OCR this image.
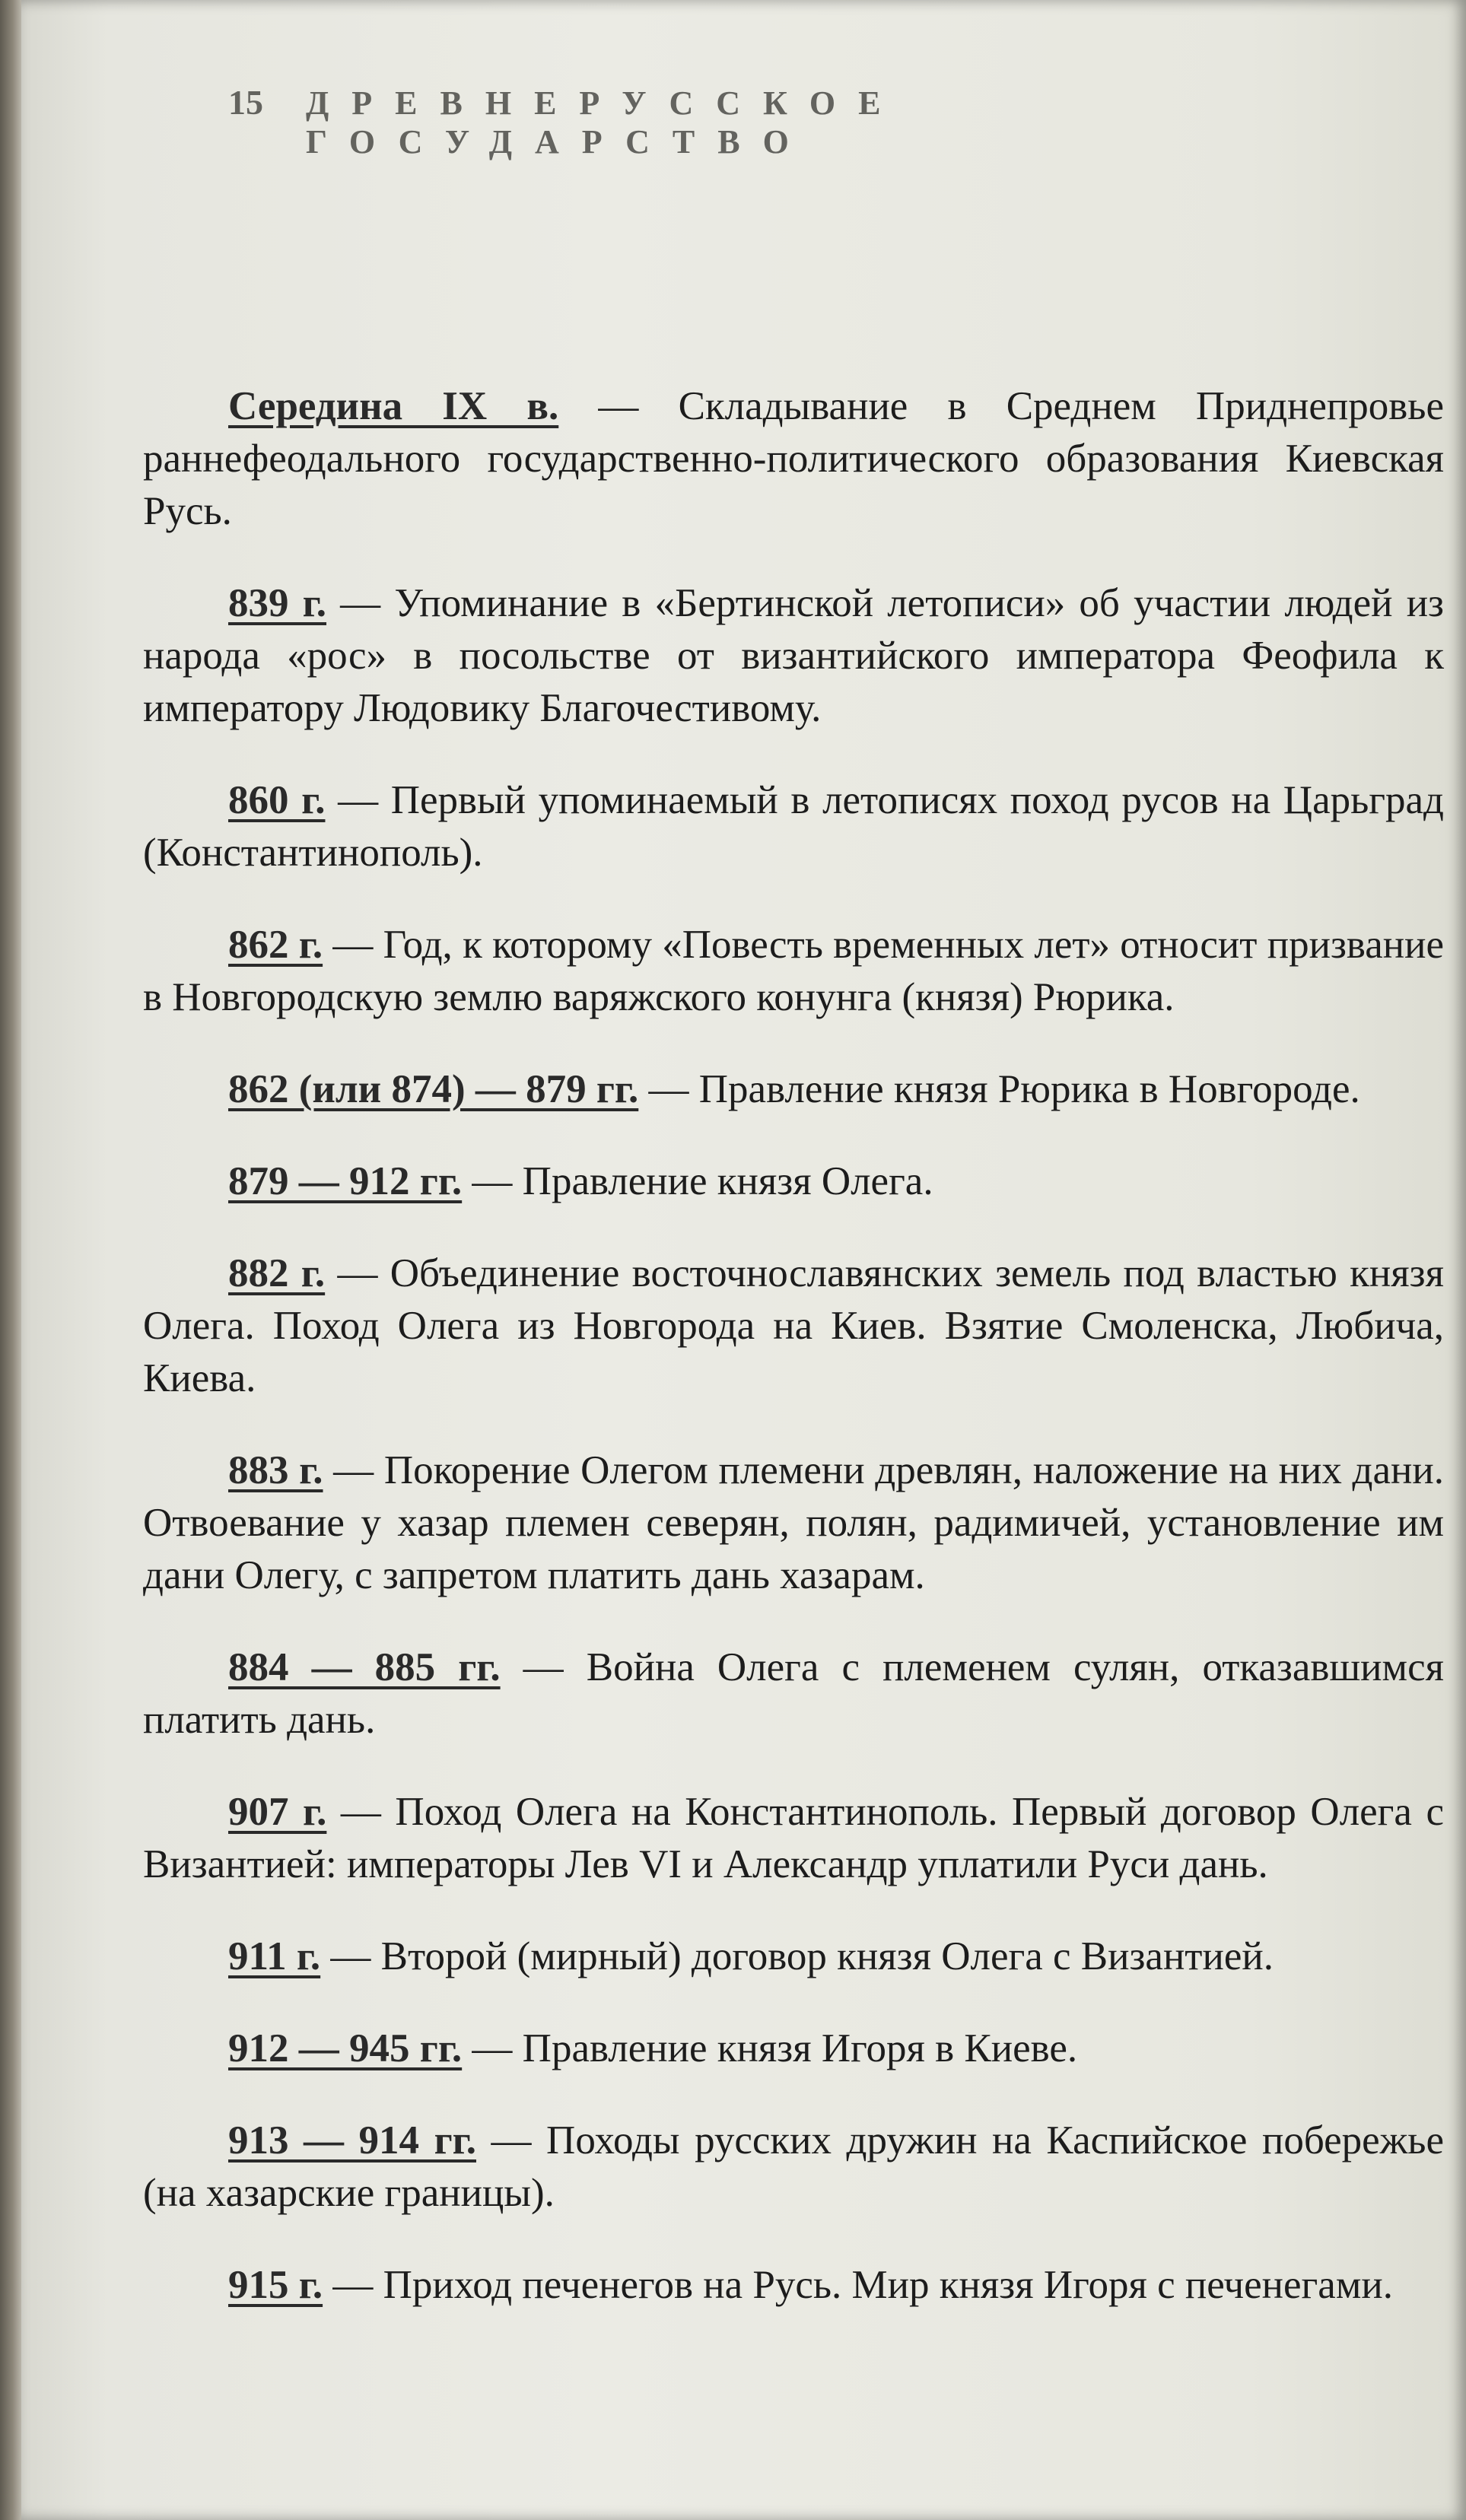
15 ДРЕВНЕРУССКОЕ ГОСУДАРСТВО

Середина IX в. — Складывание в Среднем Приднепровье раннефеодального государственно-политического образования Киевская Русь.

839 г. — Упоминание в «Бертинской летописи» об участии людей из народа «рос» в посольстве от византийского императора Феофила к императору Людовику Благочестивому.

860 г. — Первый упоминаемый в летописях поход русов на Царьград (Константинополь).

862 г. — Год, к которому «Повесть временных лет» относит призвание в Новгородскую землю варяжского конунга (князя) Рюрика.

862 (или 874) — 879 гг. — Правление князя Рюрика в Новгороде.

879 — 912 гг. — Правление князя Олега.

882 г. — Объединение восточнославянских земель под властью князя Олега. Поход Олега из Новгорода на Киев. Взятие Смоленска, Любича, Киева.

883 г. — Покорение Олегом племени древлян, наложение на них дани. Отвоевание у хазар племен северян, полян, радимичей, установление им дани Олегу, с запретом платить дань хазарам.

884 — 885 гг. — Война Олега с племенем сулян, отказавшимся платить дань.

907 г. — Поход Олега на Константинополь. Первый договор Олега с Византией: императоры Лев VI и Александр уплатили Руси дань.

911 г. — Второй (мирный) договор князя Олега с Византией.

912 — 945 гг. — Правление князя Игоря в Киеве.

913 — 914 гг. — Походы русских дружин на Каспийское побережье (на хазарские границы).

915 г. — Приход печенегов на Русь. Мир князя Игоря с печенегами.
